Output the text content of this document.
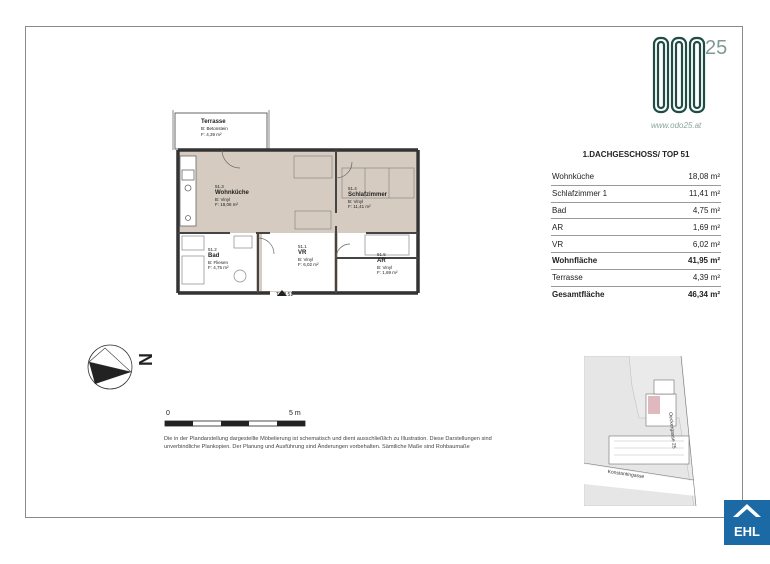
25
www.odo25.at
1.DACHGESCHOSS/ TOP 51
Wohnküche	18,08 m²
Schlafzimmer 1	11,41 m²
Bad	4,75 m²
AR	1,69 m²
VR	6,02 m²
Wohnfläche	41,95 m²
Terrasse	4,39 m²
Gesamtfläche	46,34 m²
Terrasse
B: Betonstein
F: 4,39 m²
51.3
Wohnküche
B: Vinyl
F: 18,08 m²
51.4
Schlafzimmer
B: Vinyl
F: 11,41 m²
51.2
Bad
B: Fliesen
F: 4,75 m²
51.1
VR
B: Vinyl
F: 6,02 m²
51.5
AR
B: Vinyl
F: 1,69 m²
TOP 51
N
0	5 m
Die in der Plandarstellung dargestellte Möbelierung ist schematisch und dient ausschließlich zu Illustration. Diese Darstellungen sind unverbindliche Plankopien. Der Planung und Ausführung sind Änderungen vorbehalten. Sämtliche Maße sind Rohbaumaße
Konstantingasse
Oeckergasse 25
EHL
